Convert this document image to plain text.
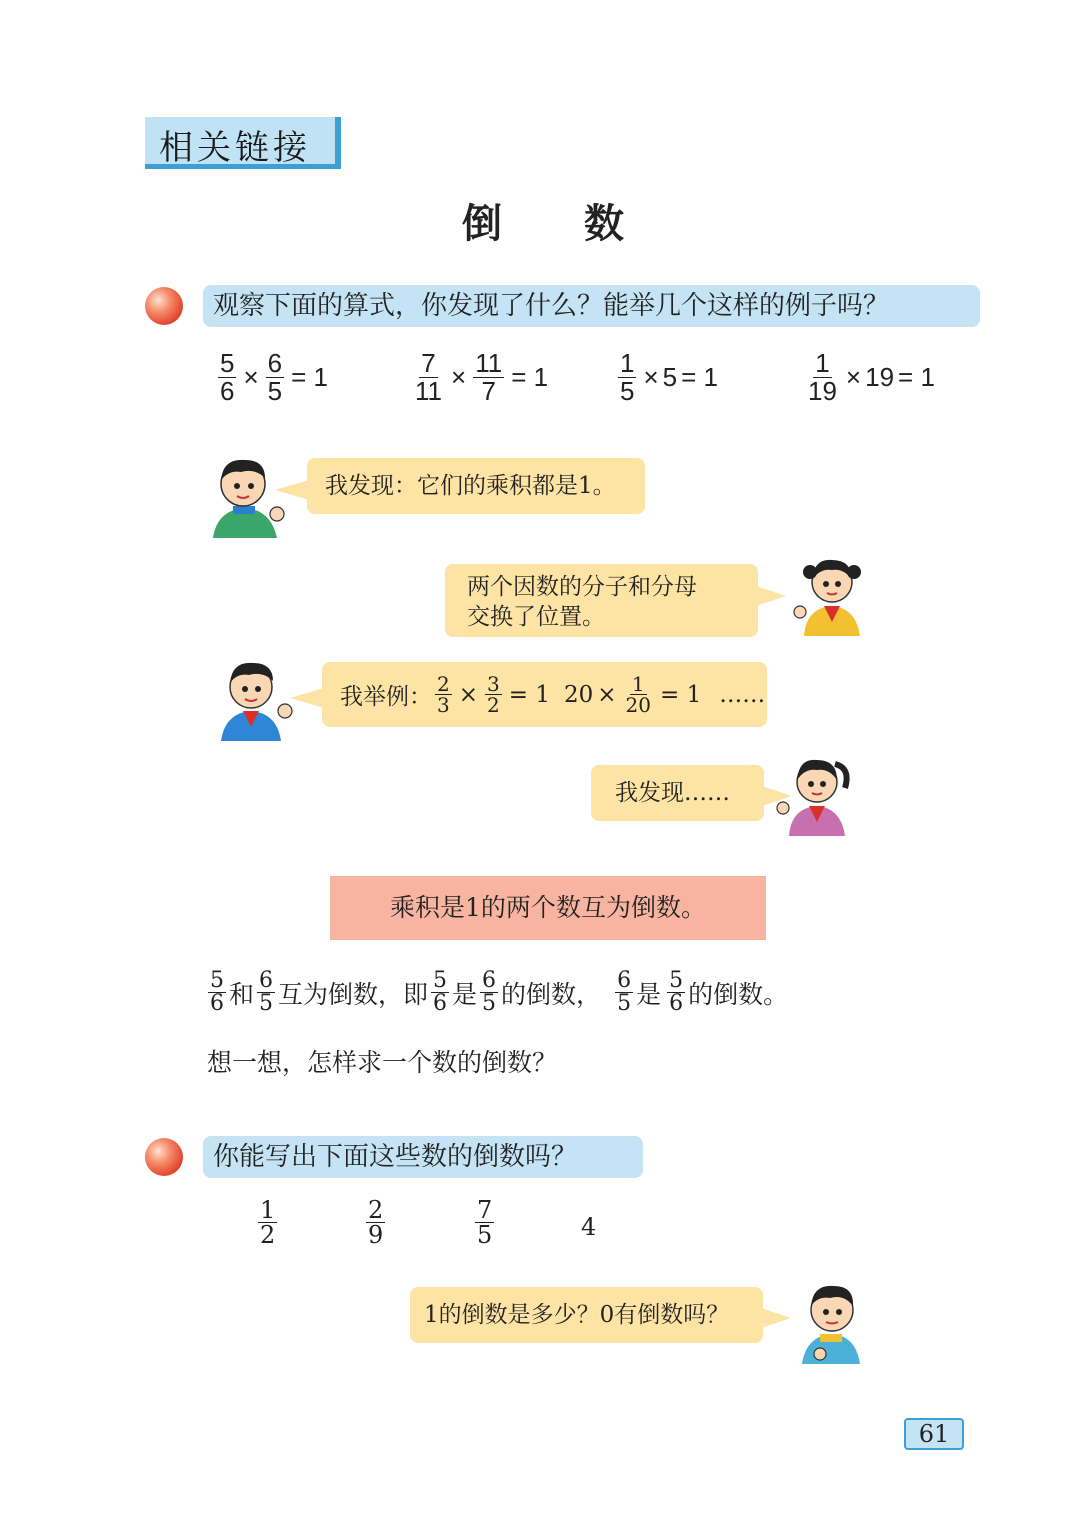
相关链接
倒 数
观察下面的算式，你发现了什么？能举几个这样的例子吗？
$\frac{5}{6} \times \frac{6}{5} = 1$	$\frac{7}{11} \times \frac{11}{7} = 1$	$\frac{1}{5} \times 5 = 1$	$\frac{1}{19} \times 19 = 1$
我发现：它们的乘积都是1。
两个因数的分子和分母
交换了位置。
我举例： $\frac{2}{3} \times \frac{3}{2} = 1$ $20 \times \frac{1}{20} = 1$ ……
我发现……
乘积是1的两个数互为倒数。
$\frac{5}{6}$ 和 $\frac{6}{5}$ 互为倒数，即 $\frac{5}{6}$ 是 $\frac{6}{5}$ 的倒数， $\frac{6}{5}$ 是 $\frac{5}{6}$ 的倒数。
想一想，怎样求一个数的倒数？
你能写出下面这些数的倒数吗？
$\frac{1}{2}$	$\frac{2}{9}$	$\frac{7}{5}$	4
1的倒数是多少？0有倒数吗？
61
